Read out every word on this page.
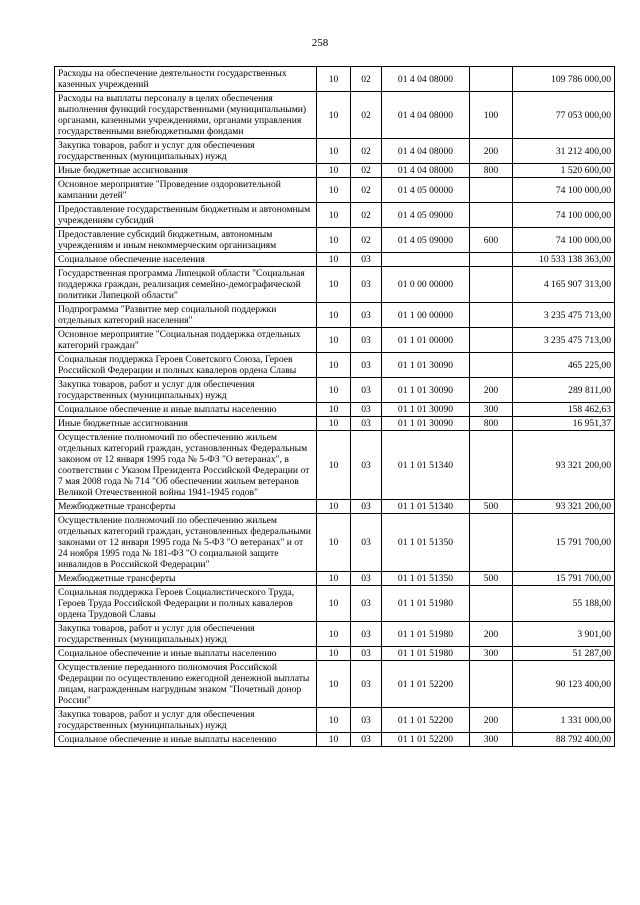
258
Расходы на обеспечение деятельности государственных казенных учреждений	10	02	01 4 04 08000		109 786 000,00
Расходы на выплаты персоналу в целях обеспечения выполнения функций государственными (муниципальными) органами, казенными учреждениями, органами управления государственными внебюджетными фондами	10	02	01 4 04 08000	100	77 053 000,00
Закупка товаров, работ и услуг для обеспечения государственных (муниципальных) нужд	10	02	01 4 04 08000	200	31 212 400,00
Иные бюджетные ассигнования	10	02	01 4 04 08000	800	1 520 600,00
Основное мероприятие "Проведение оздоровительной кампании детей"	10	02	01 4 05 00000		74 100 000,00
Предоставление государственным бюджетным и автономным учреждениям субсидий	10	02	01 4 05 09000		74 100 000,00
Предоставление субсидий бюджетным, автономным учреждениям и иным некоммерческим организациям	10	02	01 4 05 09000	600	74 100 000,00
Социальное обеспечение населения	10	03			10 533 138 363,00
Государственная программа Липецкой области "Социальная поддержка граждан, реализация семейно-демографической политики Липецкой области"	10	03	01 0 00 00000		4 165 907 313,00
Подпрограмма "Развитие мер социальной поддержки отдельных категорий населения"	10	03	01 1 00 00000		3 235 475 713,00
Основное мероприятие "Социальная поддержка отдельных категорий граждан"	10	03	01 1 01 00000		3 235 475 713,00
Социальная поддержка Героев Советского Союза, Героев Российской Федерации и полных кавалеров ордена Славы	10	03	01 1 01 30090		465 225,00
Закупка товаров, работ и услуг для обеспечения государственных (муниципальных) нужд	10	03	01 1 01 30090	200	289 811,00
Социальное обеспечение и иные выплаты населению	10	03	01 1 01 30090	300	158 462,63
Иные бюджетные ассигнования	10	03	01 1 01 30090	800	16 951,37
Осуществление полномочий по обеспечению жильем отдельных категорий граждан, установленных Федеральным законом от 12 января 1995 года № 5-ФЗ "О ветеранах", в соответствии с Указом Президента Российской Федерации от 7 мая 2008 года № 714 "Об обеспечении жильем ветеранов Великой Отечественной войны 1941-1945 годов"	10	03	01 1 01 51340		93 321 200,00
Межбюджетные трансферты	10	03	01 1 01 51340	500	93 321 200,00
Осуществление полномочий по обеспечению жильем отдельных категорий граждан, установленных федеральными законами от 12 января 1995 года № 5-ФЗ "О ветеранах" и от 24 ноября 1995 года № 181-ФЗ "О социальной защите инвалидов в Российской Федерации"	10	03	01 1 01 51350		15 791 700,00
Межбюджетные трансферты	10	03	01 1 01 51350	500	15 791 700,00
Социальная поддержка Героев Социалистического Труда, Героев Труда Российской Федерации и полных кавалеров ордена Трудовой Славы	10	03	01 1 01 51980		55 188,00
Закупка товаров, работ и услуг для обеспечения государственных (муниципальных) нужд	10	03	01 1 01 51980	200	3 901,00
Социальное обеспечение и иные выплаты населению	10	03	01 1 01 51980	300	51 287,00
Осуществление переданного полномочия Российской Федерации по осуществлению ежегодной денежной выплаты лицам, награжденным нагрудным знаком "Почетный донор России"	10	03	01 1 01 52200		90 123 400,00
Закупка товаров, работ и услуг для обеспечения государственных (муниципальных) нужд	10	03	01 1 01 52200	200	1 331 000,00
Социальное обеспечение и иные выплаты населению	10	03	01 1 01 52200	300	88 792 400,00
